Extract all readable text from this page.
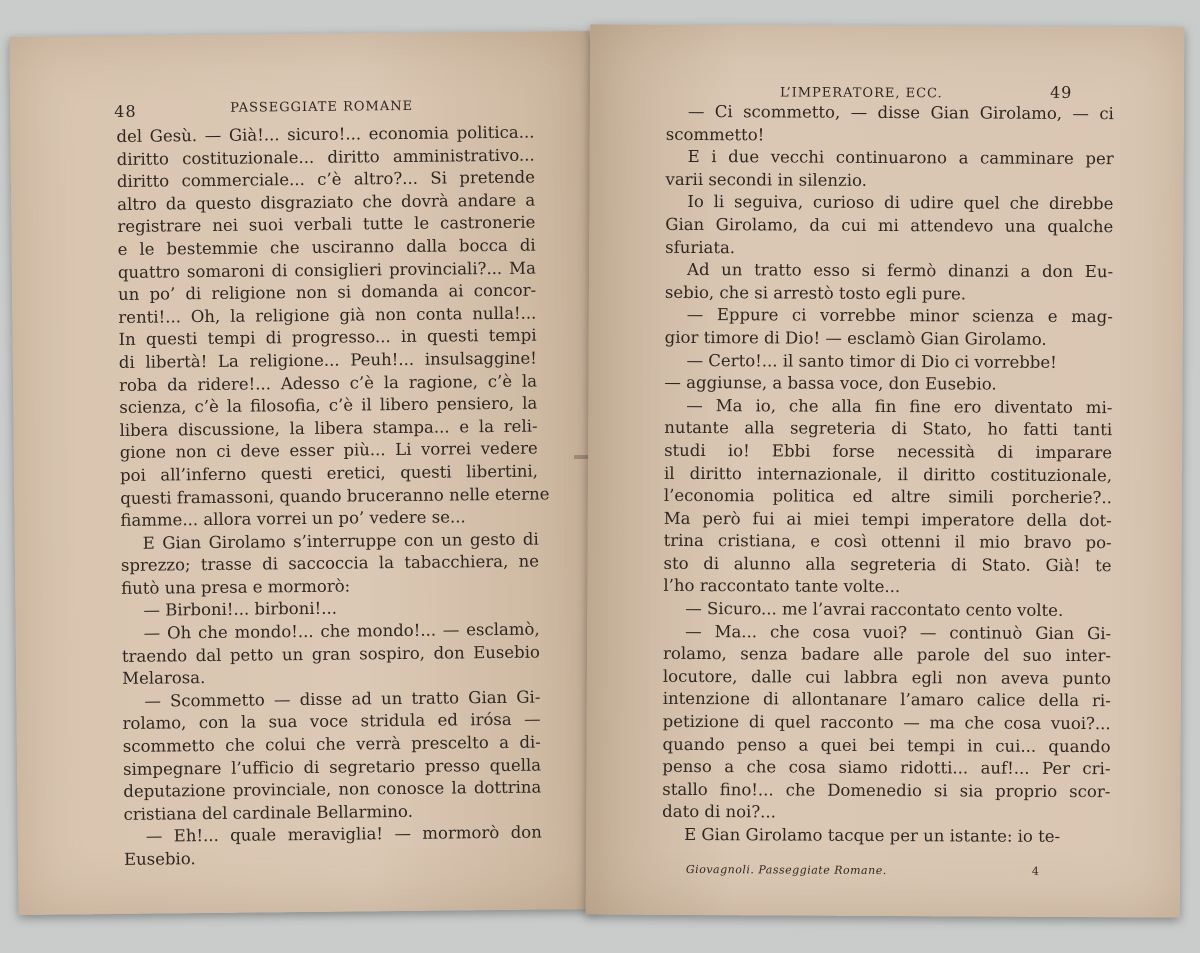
48	PASSEGGIATE ROMANE
del Gesù. — Già!... sicuro!... economia politica...
diritto costituzionale... diritto amministrativo...
diritto commerciale... c’è altro?... Si pretende
altro da questo disgraziato che dovrà andare a
registrare nei suoi verbali tutte le castronerie
e le bestemmie che usciranno dalla bocca di
quattro somaroni di consiglieri provinciali?... Ma
un po’ di religione non si domanda ai concor-
renti!... Oh, la religione già non conta nulla!...
In questi tempi di progresso... in questi tempi
di libertà! La religione... Peuh!... insulsaggine!
roba da ridere!... Adesso c’è la ragione, c’è la
scienza, c’è la filosofia, c’è il libero pensiero, la
libera discussione, la libera stampa... e la reli-
gione non ci deve esser più... Li vorrei vedere
poi all’inferno questi eretici, questi libertini,
questi framassoni, quando bruceranno nelle eterne
fiamme... allora vorrei un po’ vedere se...
E Gian Girolamo s’interruppe con un gesto di
sprezzo; trasse di saccoccia la tabacchiera, ne
fiutò una presa e mormorò:
— Birboni!... birboni!...
— Oh che mondo!... che mondo!... — esclamò,
traendo dal petto un gran sospiro, don Eusebio
Melarosa.
— Scommetto — disse ad un tratto Gian Gi-
rolamo, con la sua voce stridula ed irósa —
scommetto che colui che verrà prescelto a di-
simpegnare l’ufficio di segretario presso quella
deputazione provinciale, non conosce la dottrina
cristiana del cardinale Bellarmino.
— Eh!... quale meraviglia! — mormorò don
Eusebio.
L’IMPERATORE, ECC.	49
— Ci scommetto, — disse Gian Girolamo, — ci
scommetto!
E i due vecchi continuarono a camminare per
varii secondi in silenzio.
Io li seguiva, curioso di udire quel che direbbe
Gian Girolamo, da cui mi attendevo una qualche
sfuriata.
Ad un tratto esso si fermò dinanzi a don Eu-
sebio, che si arrestò tosto egli pure.
— Eppure ci vorrebbe minor scienza e mag-
gior timore di Dio! — esclamò Gian Girolamo.
— Certo!... il santo timor di Dio ci vorrebbe!
— aggiunse, a bassa voce, don Eusebio.
— Ma io, che alla fin fine ero diventato mi-
nutante alla segreteria di Stato, ho fatti tanti
studi io! Ebbi forse necessità di imparare
il diritto internazionale, il diritto costituzionale,
l’economia politica ed altre simili porcherie?..
Ma però fui ai miei tempi imperatore della dot-
trina cristiana, e così ottenni il mio bravo po-
sto di alunno alla segreteria di Stato. Già! te
l’ho raccontato tante volte...
— Sicuro... me l’avrai raccontato cento volte.
— Ma... che cosa vuoi? — continuò Gian Gi-
rolamo, senza badare alle parole del suo inter-
locutore, dalle cui labbra egli non aveva punto
intenzione di allontanare l’amaro calice della ri-
petizione di quel racconto — ma che cosa vuoi?...
quando penso a quei bei tempi in cui... quando
penso a che cosa siamo ridotti... auf!... Per cri-
stallo fino!... che Domenedio si sia proprio scor-
dato di noi?...
E Gian Girolamo tacque per un istante: io te-
Giovagnoli. Passeggiate Romane.	4
